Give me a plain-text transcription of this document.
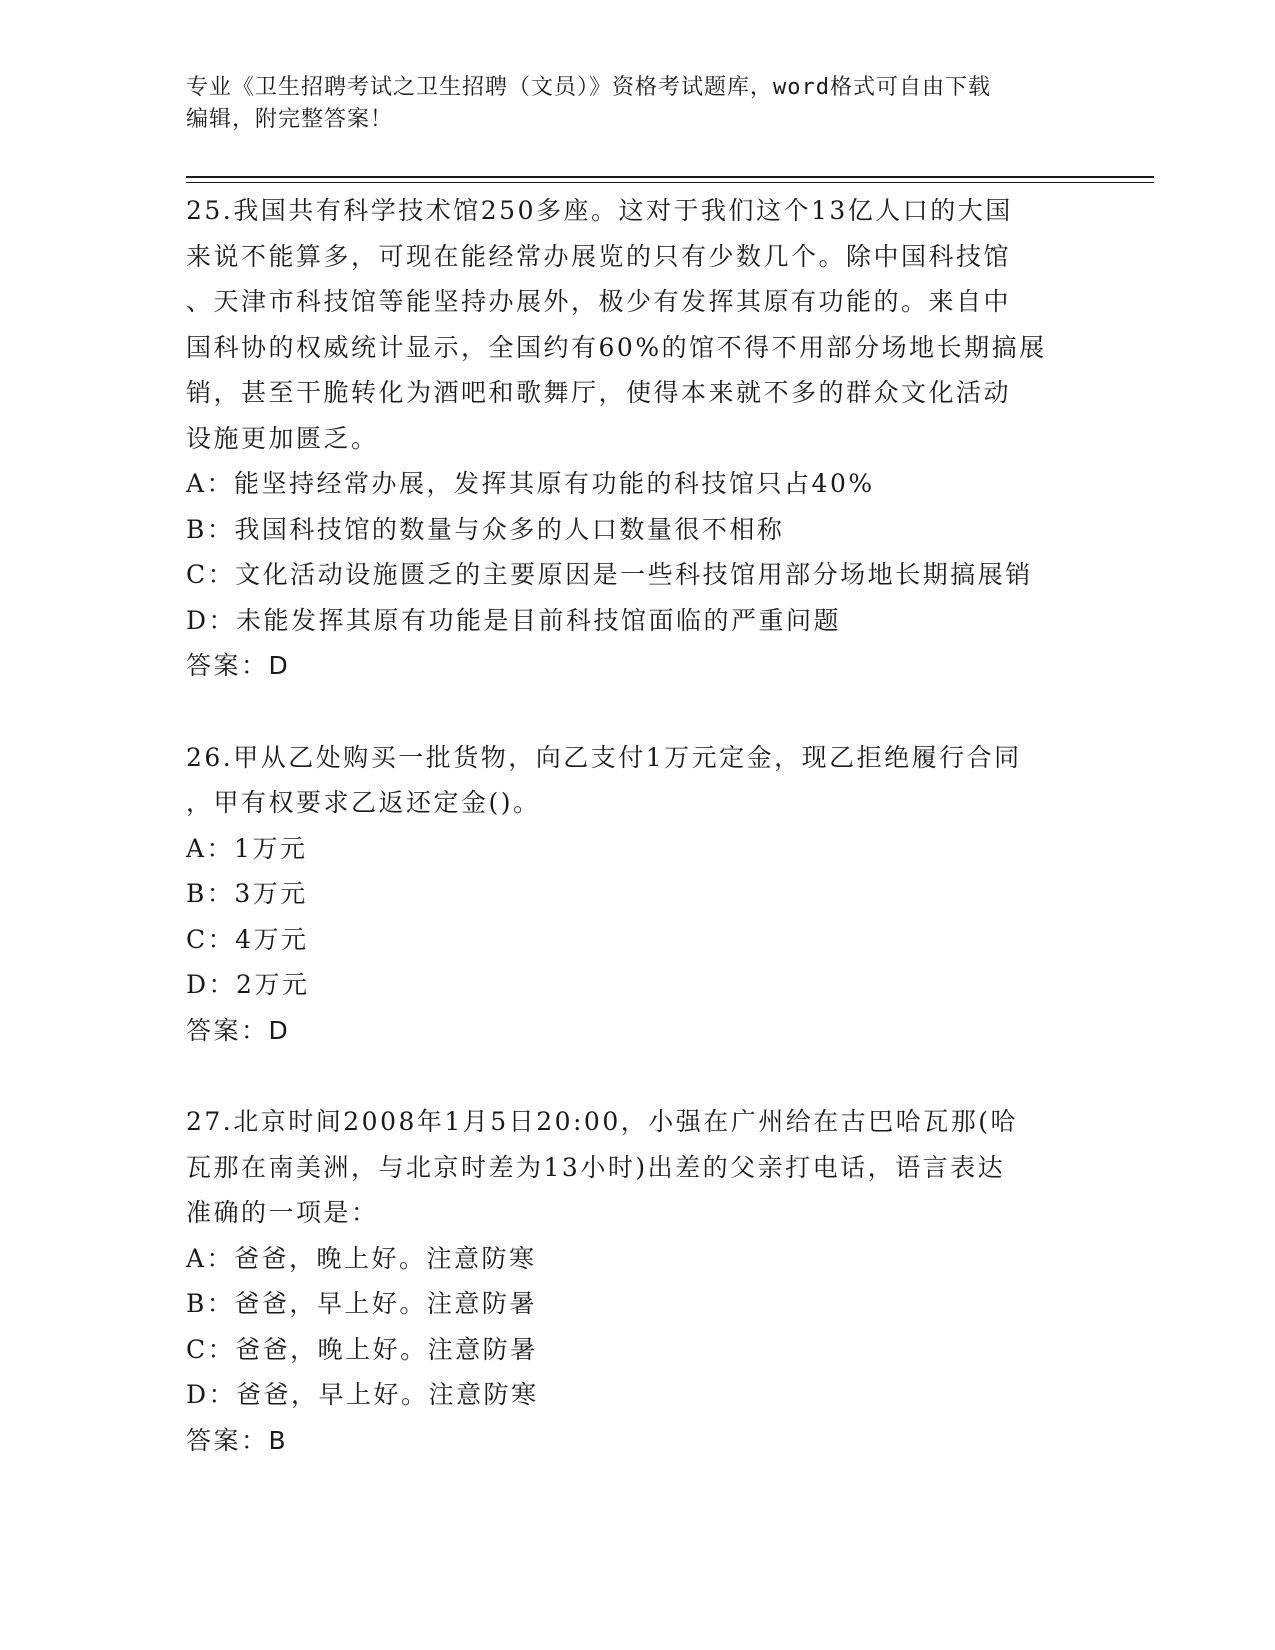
专业《卫生招聘考试之卫生招聘（文员）》资格考试题库，word格式可自由下载

编辑，附完整答案！

25.我国共有科学技术馆250多座。这对于我们这个13亿人口的大国
来说不能算多，可现在能经常办展览的只有少数几个。除中国科技馆
、天津市科技馆等能坚持办展外，极少有发挥其原有功能的。来自中
国科协的权威统计显示，全国约有60%的馆不得不用部分场地长期搞展
销，甚至干脆转化为酒吧和歌舞厅，使得本来就不多的群众文化活动
设施更加匮乏。

A：能坚持经常办展，发挥其原有功能的科技馆只占40%

B：我国科技馆的数量与众多的人口数量很不相称

C：文化活动设施匮乏的主要原因是一些科技馆用部分场地长期搞展销

D：未能发挥其原有功能是目前科技馆面临的严重问题

答案：D

26.甲从乙处购买一批货物，向乙支付1万元定金，现乙拒绝履行合同
，甲有权要求乙返还定金()。

A：1万元

B：3万元

C：4万元

D：2万元

答案：D

27.北京时间2008年1月5日20:00，小强在广州给在古巴哈瓦那(哈
瓦那在南美洲，与北京时差为13小时)出差的父亲打电话，语言表达
准确的一项是：

A：爸爸，晚上好。注意防寒

B：爸爸，早上好。注意防暑

C：爸爸，晚上好。注意防暑

D：爸爸，早上好。注意防寒

答案：B
